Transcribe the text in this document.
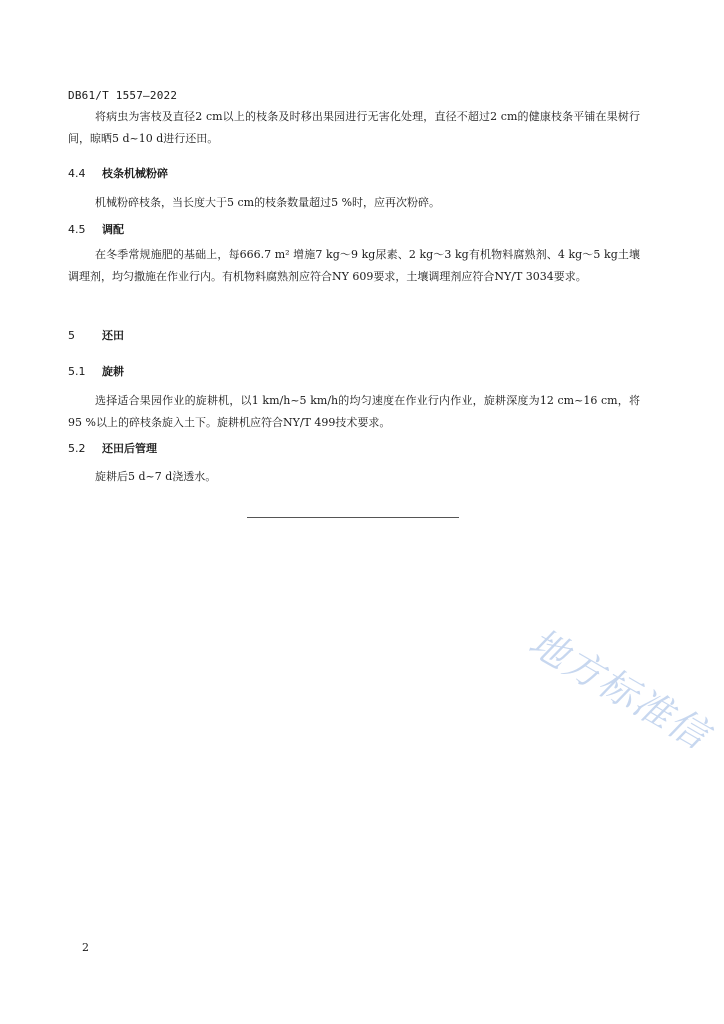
DB61/T 1557—2022

将病虫为害枝及直径2 cm以上的枝条及时移出果园进行无害化处理，直径不超过2 cm的健康枝条平铺在果树行间，晾晒5 d~10 d进行还田。

4.4 枝条机械粉碎

机械粉碎枝条，当长度大于5 cm的枝条数量超过5 %时，应再次粉碎。

4.5 调配

在冬季常规施肥的基础上，每666.7 m² 增施7 kg～9 kg尿素、2 kg～3 kg有机物料腐熟剂、4 kg～5 kg土壤调理剂，均匀撒施在作业行内。有机物料腐熟剂应符合NY 609要求，土壤调理剂应符合NY/T 3034要求。

5 还田
5.1 旋耕

选择适合果园作业的旋耕机，以1 km/h~5 km/h的均匀速度在作业行内作业，旋耕深度为12 cm~16 cm，将95 %以上的碎枝条旋入土下。旋耕机应符合NY/T 499技术要求。

5.2 还田后管理

旋耕后5 d~7 d浇透水。

地方标准信
2
